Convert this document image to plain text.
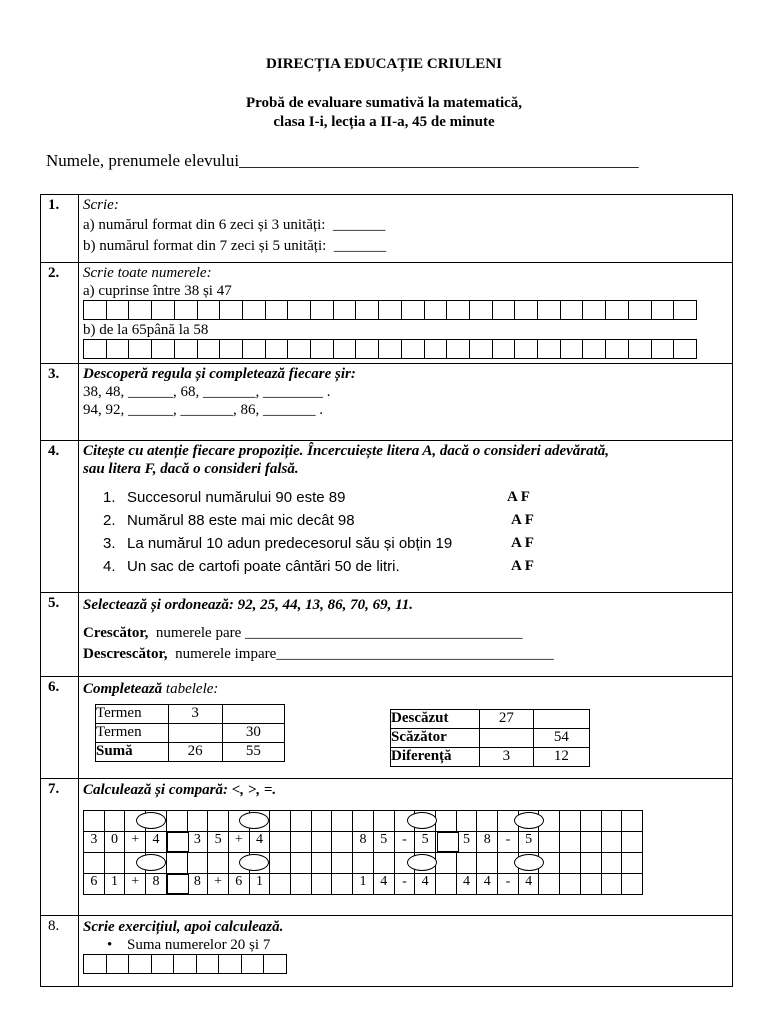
DIRECȚIA EDUCAȚIE CRIULENI
Probă de evaluare sumativă la matematică,
clasa I-i, lecția a II-a, 45 de minute
Numele, prenumele elevului_______________________________________________
1.	Scrie:
a) numărul format din 6 zeci și 3 unități:  _______
b) numărul format din 7 zeci și 5 unități:  _______

2.	Scrie toate numerele:
a) cuprinse între 38 și 47

b) de la 65până la 58

3.	Descoperă regula și completează fiecare șir:
38, 48, ______, 68, _______, ________ .
94, 92, ______, _______, 86, _______ .

4.	Citește cu atenție fiecare propoziție. Încercuiește litera A, dacă o consideri adevărată,
sau litera F, dacă o consideri falsă.
1. Succesorul numărului 90 este 89	A F
2. Numărul 88 este mai mic decât 98	A F
3. La numărul 10 adun predecesorul său și obțin 19	A F
4. Un sac de cartofi poate cântări 50 de litri.	A F

5.	Selectează și ordonează: 92, 25, 44, 13, 86, 70, 69, 11.
Crescător,  numerele pare _____________________________________
Descrescător,  numerele impare_____________________________________

6.	Completează tabelele:
Termen	3	
Termen		30
Sumă	26	55
Descăzut	27	
Scăzător		54
Diferență	3	12

7.	Calculează și compară: <, >, =.

3	0	+	4		3	5	+	4					8	5	-	5		5	8	-	5					

6	1	+	8		8	+	6	1					1	4	-	4		4	4	-	4					

8.	Scrie exercițiul, apoi calculează.
• Suma numerelor 20 și 7
